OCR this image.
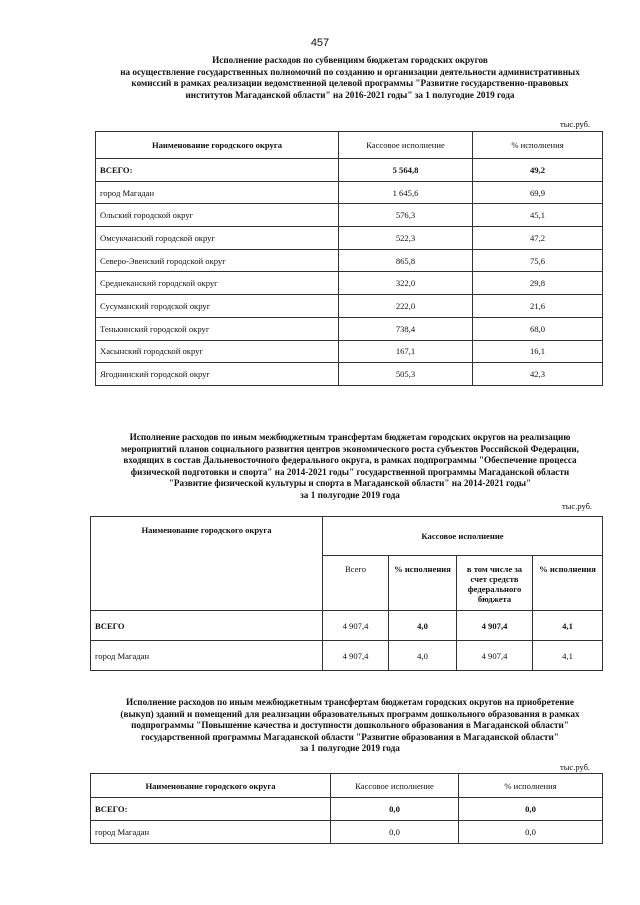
457
Исполнение расходов по субвенциям бюджетам городских округов
на осуществление государственных полномочий по созданию и организации деятельности административных
комиссий в рамках реализации ведомственной целевой программы "Развитие государственно-правовых
институтов Магаданской области" на 2016-2021 годы" за 1 полугодие 2019 года
тыс.руб.
Наименование городского округа	Кассовое исполнение	% исполнения
ВСЕГО:	5 564,8	49,2
город Магадан	1 645,6	69,9
Ольский городской округ	576,3	45,1
Омсукчанский городской округ	522,3	47,2
Северо-Эвенский городской округ	865,8	75,6
Среднеканский городской округ	322,0	29,8
Сусуманский городской округ	222,0	21,6
Тенькинский городской округ	738,4	68,0
Хасынский городской округ	167,1	16,1
Ягоднинский городской округ	505,3	42,3
Исполнение расходов по иным межбюджетным трансфертам бюджетам городских округов на реализацию
мероприятий планов социального развития центров экономического роста субъектов Российской Федерации,
входящих в состав Дальневосточного федерального округа, в рамках подпрограммы "Обеспечение процесса
физической подготовки и спорта" на 2014-2021 годы" государственной программы Магаданской области
"Развитие физической культуры и спорта в Магаданской области" на 2014-2021 годы"
за 1 полугодие 2019 года
тыс.руб.
Наименование городского округа	Кассовое исполнение			
	Всего	% исполнения	в том числе за счет средств федерального бюджета	% исполнения
ВСЕГО	4 907,4	4,0	4 907,4	4,1
город Магадан	4 907,4	4,0	4 907,4	4,1
Исполнение расходов по иным межбюджетным трансфертам бюджетам городских округов на приобретение
(выкуп) зданий и помещений для реализации образовательных программ дошкольного образования в рамках
подпрограммы "Повышение качества и доступности дошкольного образования в Магаданской области"
государственной программы Магаданской области "Развитие образования в Магаданской области"
за 1 полугодие 2019 года
тыс.руб.
Наименование городского округа	Кассовое исполнение	% исполнения
ВСЕГО:	0,0	0,0
город Магадан	0,0	0,0
